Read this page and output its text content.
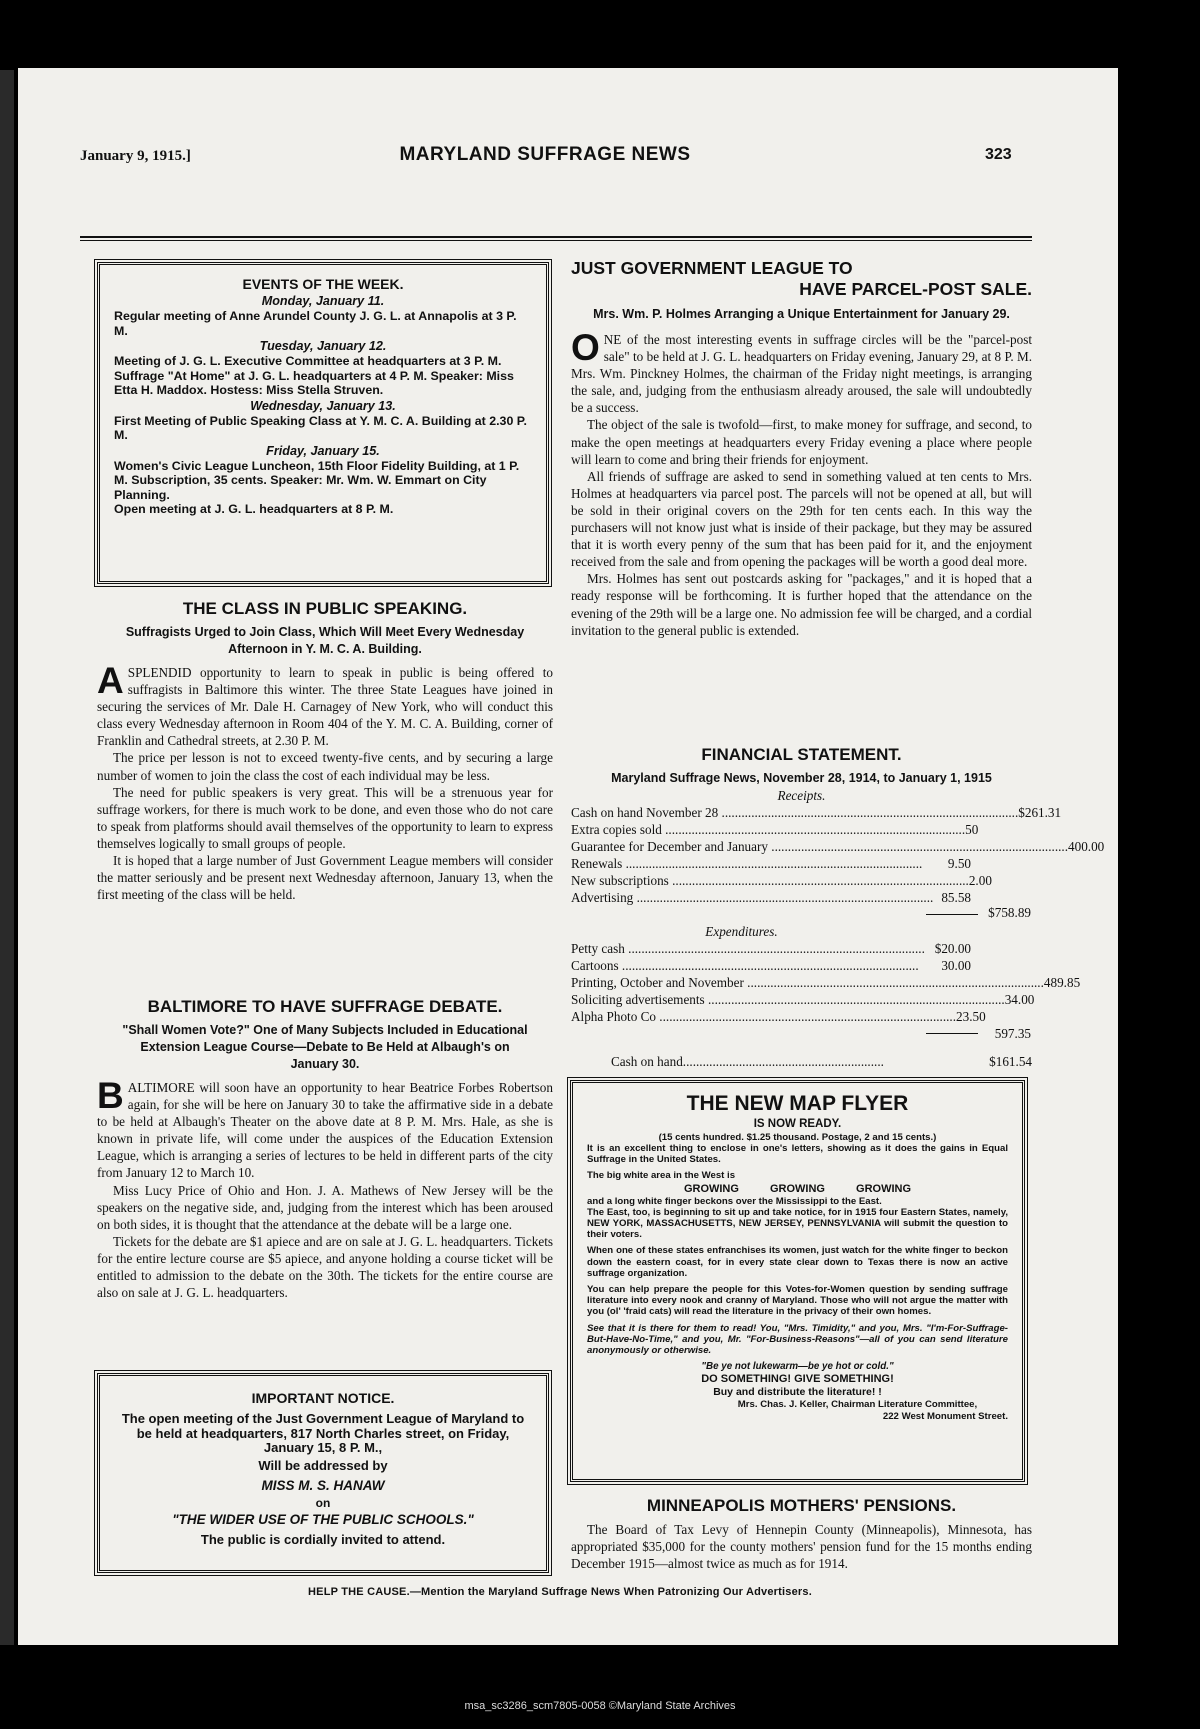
January 9, 1915.]	MARYLAND SUFFRAGE NEWS	323
EVENTS OF THE WEEK.
Monday, January 11.
Regular meeting of Anne Arundel County J. G. L. at Annapolis at 3 P. M.
Tuesday, January 12.
Meeting of J. G. L. Executive Committee at headquarters at 3 P. M.
Suffrage "At Home" at J. G. L. headquarters at 4 P. M. Speaker: Miss Etta H. Maddox. Hostess: Miss Stella Struven.
Wednesday, January 13.
First Meeting of Public Speaking Class at Y. M. C. A. Building at 2.30 P. M.
Friday, January 15.
Women's Civic League Luncheon, 15th Floor Fidelity Building, at 1 P. M. Subscription, 35 cents. Speaker: Mr. Wm. W. Emmart on City Planning.
Open meeting at J. G. L. headquarters at 8 P. M.
THE CLASS IN PUBLIC SPEAKING.
Suffragists Urged to Join Class, Which Will Meet Every Wednesday Afternoon in Y. M. C. A. Building.

ASPLENDID opportunity to learn to speak in public is being offered to suffragists in Baltimore this winter. The three State Leagues have joined in securing the services of Mr. Dale H. Carnagey of New York, who will conduct this class every Wednesday afternoon in Room 404 of the Y. M. C. A. Building, corner of Franklin and Cathedral streets, at 2.30 P. M.

The price per lesson is not to exceed twenty-five cents, and by securing a large number of women to join the class the cost of each individual may be less.

The need for public speakers is very great. This will be a strenuous year for suffrage workers, for there is much work to be done, and even those who do not care to speak from platforms should avail themselves of the opportunity to learn to express themselves logically to small groups of people.

It is hoped that a large number of Just Government League members will consider the matter seriously and be present next Wednesday afternoon, January 13, when the first meeting of the class will be held.

BALTIMORE TO HAVE SUFFRAGE DEBATE.
"Shall Women Vote?" One of Many Subjects Included in Educational Extension League Course—Debate to Be Held at Albaugh's on January 30.

BALTIMORE will soon have an opportunity to hear Beatrice Forbes Robertson again, for she will be here on January 30 to take the affirmative side in a debate to be held at Albaugh's Theater on the above date at 8 P. M. Mrs. Hale, as she is known in private life, will come under the auspices of the Education Extension League, which is arranging a series of lectures to be held in different parts of the city from January 12 to March 10.

Miss Lucy Price of Ohio and Hon. J. A. Mathews of New Jersey will be the speakers on the negative side, and, judging from the interest which has been aroused on both sides, it is thought that the attendance at the debate will be a large one.

Tickets for the debate are $1 apiece and are on sale at J. G. L. headquarters. Tickets for the entire lecture course are $5 apiece, and anyone holding a course ticket will be entitled to admission to the debate on the 30th. The tickets for the entire course are also on sale at J. G. L. headquarters.

IMPORTANT NOTICE.
The open meeting of the Just Government League of Maryland to be held at headquarters, 817 North Charles street, on Friday, January 15, 8 P. M.,
Will be addressed by
MISS M. S. HANAW
on
"THE WIDER USE OF THE PUBLIC SCHOOLS."
The public is cordially invited to attend.
JUST GOVERNMENT LEAGUE TO
HAVE PARCEL-POST SALE.
Mrs. Wm. P. Holmes Arranging a Unique Entertainment for January 29.

ONE of the most interesting events in suffrage circles will be the "parcel-post sale" to be held at J. G. L. headquarters on Friday evening, January 29, at 8 P. M. Mrs. Wm. Pinckney Holmes, the chairman of the Friday night meetings, is arranging the sale, and, judging from the enthusiasm already aroused, the sale will undoubtedly be a success.

The object of the sale is twofold—first, to make money for suffrage, and second, to make the open meetings at headquarters every Friday evening a place where people will learn to come and bring their friends for enjoyment.

All friends of suffrage are asked to send in something valued at ten cents to Mrs. Holmes at headquarters via parcel post. The parcels will not be opened at all, but will be sold in their original covers on the 29th for ten cents each. In this way the purchasers will not know just what is inside of their package, but they may be assured that it is worth every penny of the sum that has been paid for it, and the enjoyment received from the sale and from opening the packages will be worth a good deal more.

Mrs. Holmes has sent out postcards asking for "packages," and it is hoped that a ready response will be forthcoming. It is further hoped that the attendance on the evening of the 29th will be a large one. No admission fee will be charged, and a cordial invitation to the general public is extended.

FINANCIAL STATEMENT.
Maryland Suffrage News, November 28, 1914, to January 1, 1915
Receipts.
Cash on hand November 28 .......................................................................................... $261.31
Extra copies sold .......................................................................................... .50
Guarantee for December and January .......................................................................................... 400.00
Renewals ..........................................................................................	9.50
New subscriptions .......................................................................................... 2.00
Advertising .......................................................................................... 85.58
$758.89
Expenditures.
Petty cash .......................................................................................... $20.00
Cartoons ..........................................................................................	30.00
Printing, October and November .......................................................................................... 489.85
Soliciting advertisements .......................................................................................... 34.00
Alpha Photo Co .......................................................................................... 23.50
597.35
Cash on hand.............................................................	$161.54
THE NEW MAP FLYER
IS NOW READY.
(15 cents hundred. $1.25 thousand. Postage, 2 and 15 cents.)

It is an excellent thing to enclose in one's letters, showing as it does the gains in Equal Suffrage in the United States.

The big white area in the West is

GROWING GROWING GROWING

and a long white finger beckons over the Mississippi to the East.

The East, too, is beginning to sit up and take notice, for in 1915 four Eastern States, namely, NEW YORK, MASSACHUSETTS, NEW JERSEY, PENNSYLVANIA will submit the question to their voters.

When one of these states enfranchises its women, just watch for the white finger to beckon down the eastern coast, for in every state clear down to Texas there is now an active suffrage organization.

You can help prepare the people for this Votes-for-Women question by sending suffrage literature into every nook and cranny of Maryland. Those who will not argue the matter with you (ol' 'fraid cats) will read the literature in the privacy of their own homes.

See that it is there for them to read! You, "Mrs. Timidity," and you, Mrs. "I'm-For-Suffrage-But-Have-No-Time," and you, Mr. "For-Business-Reasons"—all of you can send literature anonymously or otherwise.

"Be ye not lukewarm—be ye hot or cold."
DO SOMETHING! GIVE SOMETHING!
Buy and distribute the literature! !
Mrs. Chas. J. Keller, Chairman Literature Committee,
222 West Monument Street.
MINNEAPOLIS MOTHERS' PENSIONS.

The Board of Tax Levy of Hennepin County (Minneapolis), Minnesota, has appropriated $35,000 for the county mothers' pension fund for the 15 months ending December 1915—almost twice as much as for 1914.

HELP THE CAUSE.—Mention the Maryland Suffrage News When Patronizing Our Advertisers.
msa_sc3286_scm7805-0058 ©Maryland State Archives
